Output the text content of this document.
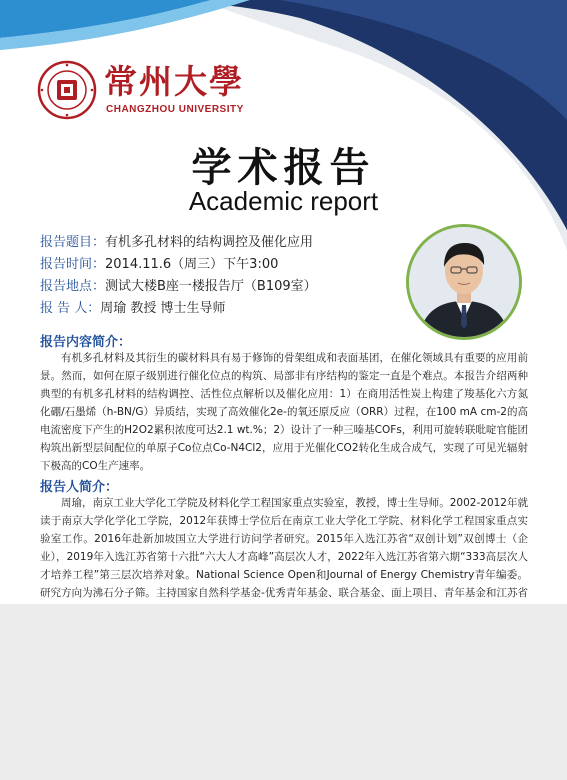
常州大學
CHANGZHOU UNIVERSITY
学术报告
Academic report
报告题目：有机多孔材料的结构调控及催化应用
报告时间：2014.11.6（周三）下午3:00
报告地点：测试大楼B座一楼报告厅（B109室）
报 告 人：周瑜 教授 博士生导师
报告内容简介：

有机多孔材料及其衍生的碳材料具有易于修饰的骨架组成和表面基团，在催化领域具有重要的应用前景。然而，如何在原子级别进行催化位点的构筑、局部非有序结构的鉴定一直是个难点。本报告介绍两种典型的有机多孔材料的结构调控、活性位点解析以及催化应用：1）在商用活性炭上构建了羧基化六方氮化硼/石墨烯（h-BN/G）异质结，实现了高效催化2e-的氧还原反应（ORR）过程，在100 mA cm-2的高电流密度下产生的H2O2累积浓度可达2.1 wt.%；2）设计了一种三嗪基COFs，利用可旋转联吡啶官能团构筑出新型层间配位的单原子Co位点Co-N4Cl2，应用于光催化CO2转化生成合成气，实现了可见光辐射下极高的CO生产速率。

报告人简介：

周瑜，南京工业大学化工学院及材料化学工程国家重点实验室，教授，博士生导师。2002-2012年就读于南京大学化学化工学院，2012年获博士学位后在南京工业大学化工学院、材料化学工程国家重点实验室工作。2016年赴新加坡国立大学进行访问学者研究。2015年入选江苏省“双创计划”双创博士（企业），2019年入选江苏省第十六批“六大人才高峰”高层次人才，2022年入选江苏省第六期“333高层次人才培养工程”第三层次培养对象。National Science Open和Journal of Energy Chemistry青年编委。研究方向为沸石分子筛。主持国家自然科学基金-优秀青年基金、联合基金、面上项目、青年基金和江苏省
